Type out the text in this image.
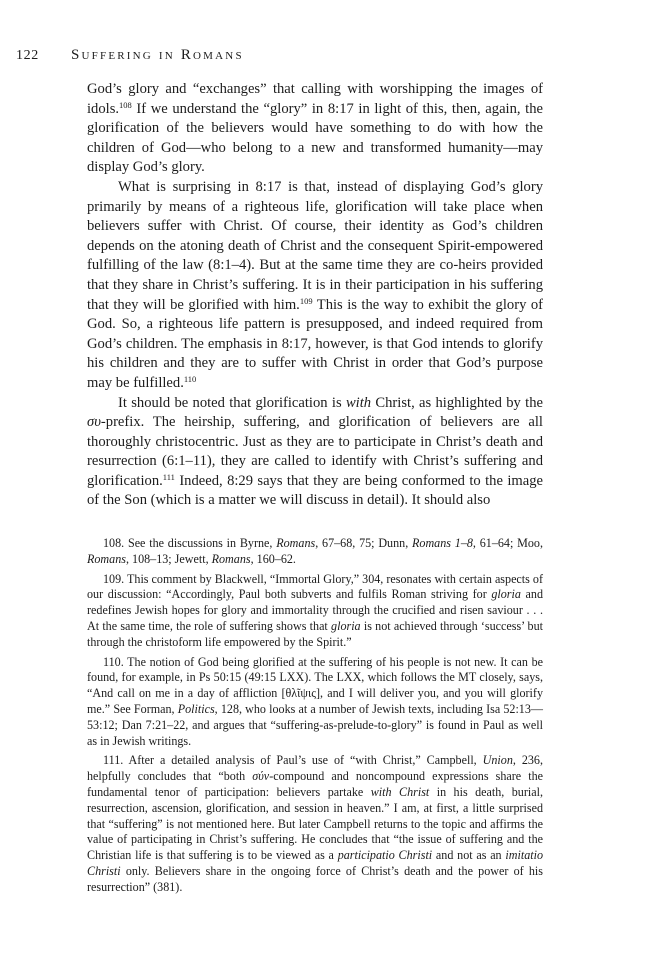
122 Suffering in Romans

God’s glory and “exchanges” that calling with worshipping the images of idols.$^{108}$ If we understand the “glory” in 8:17 in light of this, then, again, the glorification of the believers would have something to do with how the children of God—who belong to a new and transformed humanity—may display God’s glory.

What is surprising in 8:17 is that, instead of displaying God’s glory primarily by means of a righteous life, glorification will take place when believers suffer with Christ. Of course, their identity as God’s children depends on the atoning death of Christ and the consequent Spirit-empowered fulfilling of the law (8:1–4). But at the same time they are co-heirs provided that they share in Christ’s suffering. It is in their participation in his suffering that they will be glorified with him.$^{109}$ This is the way to exhibit the glory of God. So, a righteous life pattern is presupposed, and indeed required from God’s children. The emphasis in 8:17, however, is that God intends to glorify his children and they are to suffer with Christ in order that God’s purpose may be fulfilled.$^{110}$

It should be noted that glorification is with Christ, as highlighted by the συ-prefix. The heirship, suffering, and glorification of believers are all thoroughly christocentric. Just as they are to participate in Christ’s death and resurrection (6:1–11), they are called to identify with Christ’s suffering and glorification.$^{111}$ Indeed, 8:29 says that they are being conformed to the image of the Son (which is a matter we will discuss in detail). It should also

108. See the discussions in Byrne, Romans, 67–68, 75; Dunn, Romans 1–8, 61–64; Moo, Romans, 108–13; Jewett, Romans, 160–62.

109. This comment by Blackwell, “Immortal Glory,” 304, resonates with certain aspects of our discussion: “Accordingly, Paul both subverts and fulfils Roman striving for gloria and redefines Jewish hopes for glory and immortality through the crucified and risen saviour . . . At the same time, the role of suffering shows that gloria is not achieved through ‘success’ but through the christoform life empowered by the Spirit.”

110. The notion of God being glorified at the suffering of his people is not new. It can be found, for example, in Ps 50:15 (49:15 LXX). The LXX, which follows the MT closely, says, “And call on me in a day of affliction [θλῖψις], and I will deliver you, and you will glorify me.” See Forman, Politics, 128, who looks at a number of Jewish texts, including Isa 52:13—53:12; Dan 7:21–22, and argues that “suffering-as-prelude-to-glory” is found in Paul as well as in Jewish writings.

111. After a detailed analysis of Paul’s use of “with Christ,” Campbell, Union, 236, helpfully concludes that “both σύν-compound and noncompound expressions share the fundamental tenor of participation: believers partake with Christ in his death, burial, resurrection, ascension, glorification, and session in heaven.” I am, at first, a little surprised that “suffering” is not mentioned here. But later Campbell returns to the topic and affirms the value of participating in Christ’s suffering. He concludes that “the issue of suffering and the Christian life is that suffering is to be viewed as a participatio Christi and not as an imitatio Christi only. Believers share in the ongoing force of Christ’s death and the power of his resurrection” (381).
